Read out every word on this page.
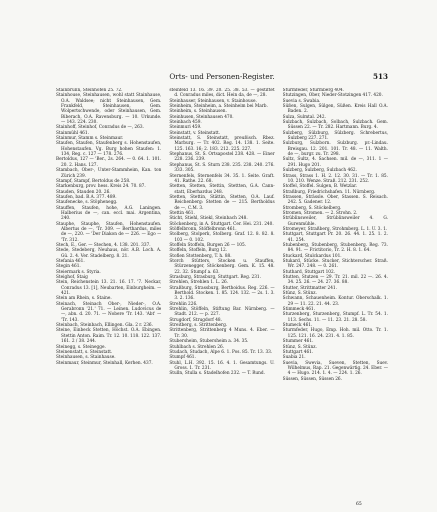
Orts- und Personen-Register.	513

Stainbrunn, Steinhöfen 25. 72.

Stainhouse, Steinhausen, wohl statt Stainhause, O.A. Waldsee; nicht Steinhausen, Gem. Frankfeld, Steinhausen, Gem. Wolpertschwende, oder Steinhausen, Gem. Biberach, O.A. Ravensburg. — 10. Urkunde. — 143. 224. 230.

Stainhoff, Steinhof, Conradus de —, 263.

Stainmühl 461.

Stainmur, Stamm s. Steinmaur.

Staufen, Staufen, Staufenberg s. Hohenstaufen, Hohenstaufen. Vg. Burg hohen Staufen: 1. 134, Reg. c. 127 — 178. 276.

Bertoldus, 127 — 'Ber., 2s. 264. — 0. 64. 1. 101. 20. 2. Hans. 127.

Stambach, Ober-, Unter-Stammheim, Kan. ton Zürich 239.

Stampf, Stampf, Bertoldus de 258.

Starkenburg, prov. hess. Kreis 24. 70. 87.

Stauden, Stauden 20. 26.

Staufen, bad. B.A. 377. 489.

Staufenecke, s. Stöphenegg.

Stauffen, Staufen, hohe, A.G. Laningen. Halberius de —, can. eccl. mai. Argentina, 240.

Stauphe, Stauphe, Staufen, Hohenstaufen. Albertus de —, 'Tr. 309. — Berthardus, miles de —, 220. — 'Der Diakon de — 226. — Ego — 'Tr. 312.

Stech, E., Ger. — Stechen, 4. 138. 201. 337.

Stede, Stedeberg, Neuhaus, nör. A.B. Loch. A. Gü. 2. 4. Ver. Stadelberg. 8. 21.

Stefania 461.

Stegin 461.

Steiermark s. Styria.

Steighof, Staig

Stein, Reichenstein 13. 21. 16. 17. '7. Neckar, Conradus 13. [1], Neubarten, Einburgheim. — 421.

Stein am Rhein, s. Staine.

Steinach, Steinach Ober-, Nieder-, O.A. Gerabronn '21.' 71. — Leinen. Ludovicus de —, abn. d. 20. 71. — Nobere 'Tr. 143. 'Abt' — 'Tr. 143.

Steinbach, Steinbach, Ellingen. Gla. 2 r. 236.

Steine, Einbeck Stetten, Höchst. O.A. Ebingen. Stettin Anton. Raim. Tr. 12. 10. 118. 122. 137. 161. 2 / 38. 244.

Steinegg, s. Steinegge.

Steinenstatt, s. Steinstatt.

Steinhausen, s. Stainhause.

Steinmaur, Steinmur, Steinhall, Kerhen. 437.

steinfeld 13. 16. 39. 20. 25. 38. 53. — gestiftet d. Conradus miles, dict. Hein da, de —, 28.

Steinhauser, Steinhausen, v. Stainhouse.

Steinheim, Steinheim, a. Steinheim bei Marb.

Steinheim, s. Steinhausen.

Steinhusen, Steinhausen 470.

Steinbach 459.

Steinmuri 459.

Steinstatt, v. Steinstatt.

Steinstatt, S. Steinstatt, preußisch. Rbez. Marburg. — Tr. 402. Reg. 14. 138. 1. Seite. 125. 163. 16; 2. 183. 212. 225. 227.

Stephanus, St. S. Ortsapostel 238. 428. — Einer 228. 236. 239.

Stephanus, St. S. Sturn 238. 235. 238. 240. 276. 333. 305.

Sternenfels, Sternenfels 34. 35. 1. Seite. Graft. 41. Rathe. 22. 68.

Stetten, Stetten, Stettin, Stettten, G.A. Cannstatt, Eberhardus 248.

Stetten, Stettin, Stättin, Stetten, O.A. Lauf. Reichenberg: Stetten de — 215. Bertholdus de —, C.M. 3.

Stettin 461.

Sticht, Stiehl, Stiekl, Steinbach 248.

Stöckenberg, in A. Stuttgart. Cer. Hei. 231. 240.

Stöffelbronn, Stöffelbronn 461.

Stolberg, Stolperk, Stolberg. Graf. 12. 8. 82. 8. 103 — 0. 102.

Stoffeln Stoffeln, Burgen 26 — 105.

Stoffeln, Stoffeln, Burg 12.

Stoflen Stottenberg, T. h. 88.

Storch Stütters, Stocken u. Stauffen, Stürzenegger, Stöckenberg. Gem. K. 15. 48. 22. 32. Stumpf a. 63.

Strasburg, Strasburg, Stuttgart. Reg. 231.

Strehlen, Strehlen 1. L. 26.

Straßburg, Strassburg, Berthoidus. Reg. 226. — Berthold. Stocken. 1. 85. 124. 132. — 2s. 1. 3. 3. 2. 136.

Strehlin 226.

Strehlin, Stöffeln, Stiftung Bar. Nürnberg. — Stadt. 212. — p. 227.

Strugdorf, Strugdorf 48.

Streitberg, s. Strittenberg.

Strittenberg, Strittenberg 4 Muns. 4. Eber. — Tr. 30.

Stubersheim, Stubersheim a. 34. 35.

Stuhlbach s. Strehlen 26.

Studach, Studach, Alpe 6. 1. Pos. 85. Tr. 13. 33.

Stumpf 461.

Stuhl, L.H. 392. 15. 16. 4. 1. Gesamtungs. U. Gross. 1. Tr. 231.

Stulln, Stulla s. Stadelhofen 232. — T. Rund.

Sturmfeder, Sturmberg 404.

Stutzingen, Ober, Nieder-Stotzingen 417. 420.

Suevia s. Swabia.

Süßen, Sulgen, Sülgen, Süßen. Kreis Hall O.A. Baden. 2.

Sulza, Sulmtal. 242.

Sulzbach, Sulzbach, Solbach, Sulzbach. Gem. Süssen 22. — Tr. 282. Hartmann. Burg. 4.

Sulzberg, Sülzburg, Sülzberg. Schrebertus, Sulzberg 227. 271.

Sulzburg, Sulzborn. Sulzburg. pr.-Lindau. Breisgau. 12. 201. 101. Tr. 48. — 11. Walth. de —, burgr. zu. Tr. 298.

Sultz, Sultz, 4. Sachsen. mil. de —, 311. 1 — 291. Hugo 201.

Sulzberg, Sulzberg, Sulzbach 462.

Strass, Strass 1. H. 2. 12. 30. 31. — Tr. 1. 85. 10. 210. Wenze. Straß. 212. 231. 252.

Stoffel, Stoffel. Sulgen, B. Wetzlar.

Straßburg, Friedrichshafen. 11. Nürnberg.

Strassen, Strässle. Ober, Stassen. S. Reisach. 242. 5. Gadener. 12.

Stromberg, S. Stöckelberg.

Stromen, Stromen. — 2. Strohn. 2.

Strüblinsweiler, Strüblinsweiler 4. G. Gurenmühle.

Stromeyer, Straßberg, Strohmberg. L. 1. U. 3. 1.

Stuttgart, Stuttgart Pr. 20. 26. 44. 1. 25. 1. 2. 41. 254.

Stubenberg, Stubenberg, Stubenberg. Reg. 73. 84. 91. — Frictitorio, Tr. 2. H. 8. 1. 64.

Stuckard, Stulckardus 101.

Stukard, Stücke. Stucker, Stichterscher. Straß. Wr. 247. 248. — 0. 261.

Stuthard, Stuttgart 102.

Stutten, Stutzen — 29. Tr. 21. mil. 22 —. 26. 4. 34. 25. 26. — 24. 27. 36. 88.

Stutter, Strittmatter 241.

Stünz, S. Stünz.

Schwann, Schauenheim. Kontur. Oberschalk. 1. 29 — 11. 22. 21. 44. 23.

Stimmeck 461.

Sturzenberg, Sturzenberg, Stumpf. L. Tr. 54. 1. 113. Sechs. 11. — 11. 23. 21. 28. 58.

Stumeck 461.

Sturmfeder, Hugo, Emp. Hoh. mil. Otto. Tr. 1. 125. 121. 16. 24. 231. 4. 1. 85.

Stummer 461.

Stünz, S. Stünz.

Stuttgart 461.

Suabia 21.

Suevia, Swevia, Sueven, Stetten, Suev. Wilhelmus, Rap. 21. Gegenwärtig. 24. Eber. — 4 — Hugo. 214. 1. 4. — 224. 1. 26.

Süssen, Süssen, Süssen 26.

65
